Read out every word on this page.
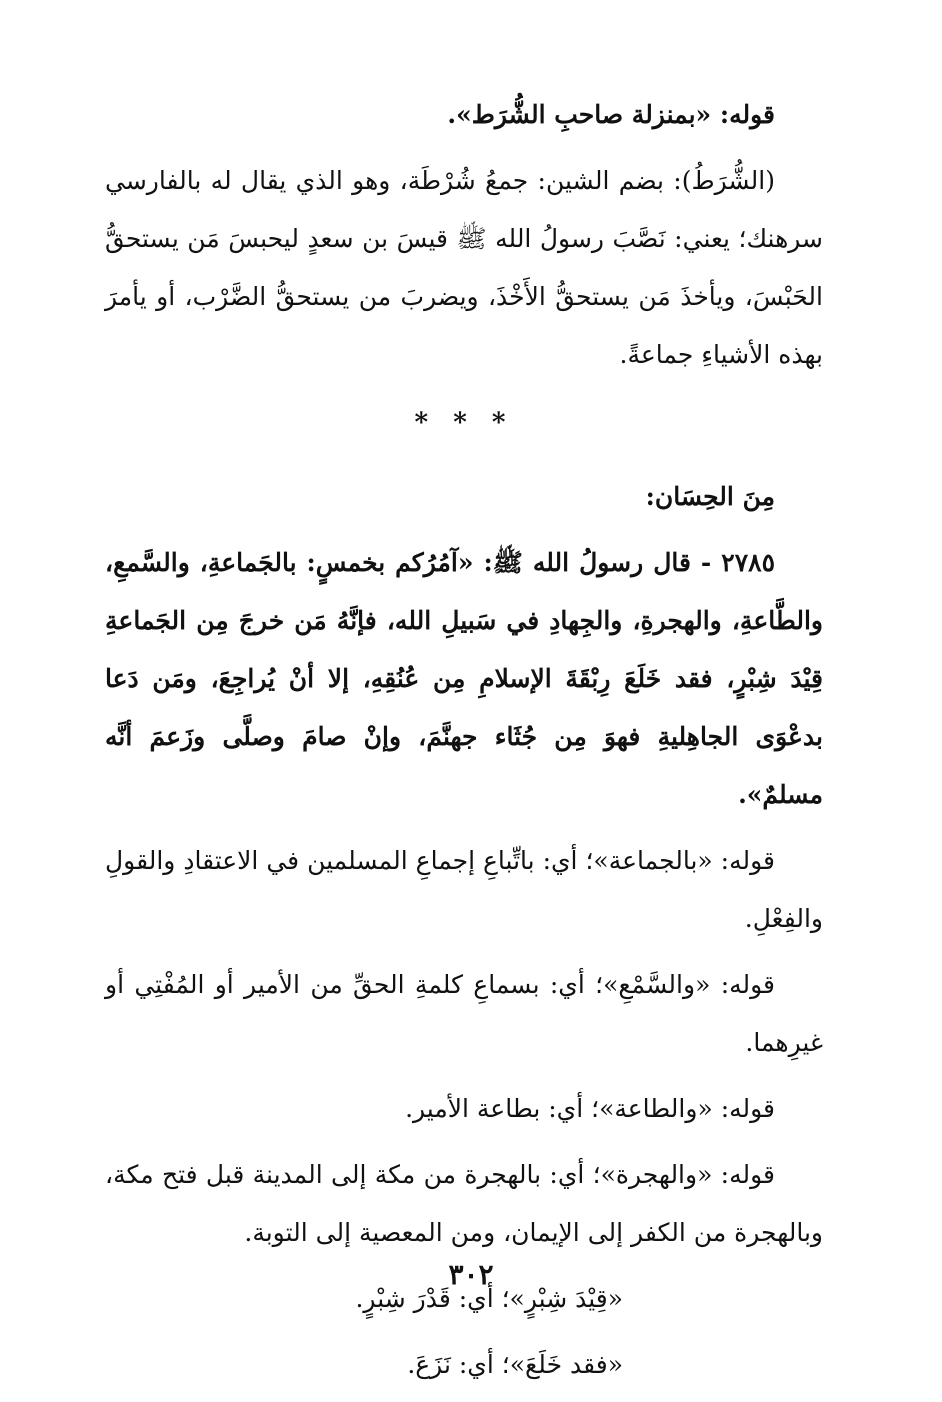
قوله: «بمنزلة صاحبِ الشُّرَط».

(الشُّرَطُ): بضم الشين: جمعُ شُرْطَة، وهو الذي يقال له بالفارسي سرهنك؛ يعني: نَصَّبَ رسولُ الله ﷺ قيسَ بن سعدٍ ليحبسَ مَن يستحقُّ الحَبْسَ، ويأخذَ مَن يستحقُّ الأَخْذَ، ويضربَ من يستحقُّ الضَّرْب، أو يأمرَ بهذه الأشياءِ جماعةً.

* * *

مِنَ الحِسَان:

٢٧٨٥ - قال رسولُ الله ﷺ: «آمُرُكم بخمسٍ: بالجَماعةِ، والسَّمعِ، والطَّاعةِ، والهجرةِ، والجِهادِ في سَبيلِ الله، فإنَّهُ مَن خرجَ مِن الجَماعةِ قِيْدَ شِبْرٍ، فقد خَلَعَ رِبْقَةَ الإسلامِ مِن عُنُقِهِ، إلا أنْ يُراجِعَ، ومَن دَعا بدعْوَى الجاهِليةِ فهوَ مِن جُثَاء جهنَّمَ، وإنْ صامَ وصلَّى وزَعمَ أنَّه مسلمٌ».

قوله: «بالجماعة»؛ أي: باتِّباعِ إجماعِ المسلمين في الاعتقادِ والقولِ والفِعْلِ.

قوله: «والسَّمْعِ»؛ أي: بسماعِ كلمةِ الحقِّ من الأمير أو المُفْتِي أو غيرِهما.

قوله: «والطاعة»؛ أي: بطاعة الأمير.

قوله: «والهجرة»؛ أي: بالهجرة من مكة إلى المدينة قبل فتح مكة، وبالهجرة من الكفر إلى الإيمان، ومن المعصية إلى التوبة.

«قِيْدَ شِبْرٍ»؛ أي: قَدْرَ شِبْرٍ.

«فقد خَلَعَ»؛ أي: نَزَعَ.

٣٠٢
